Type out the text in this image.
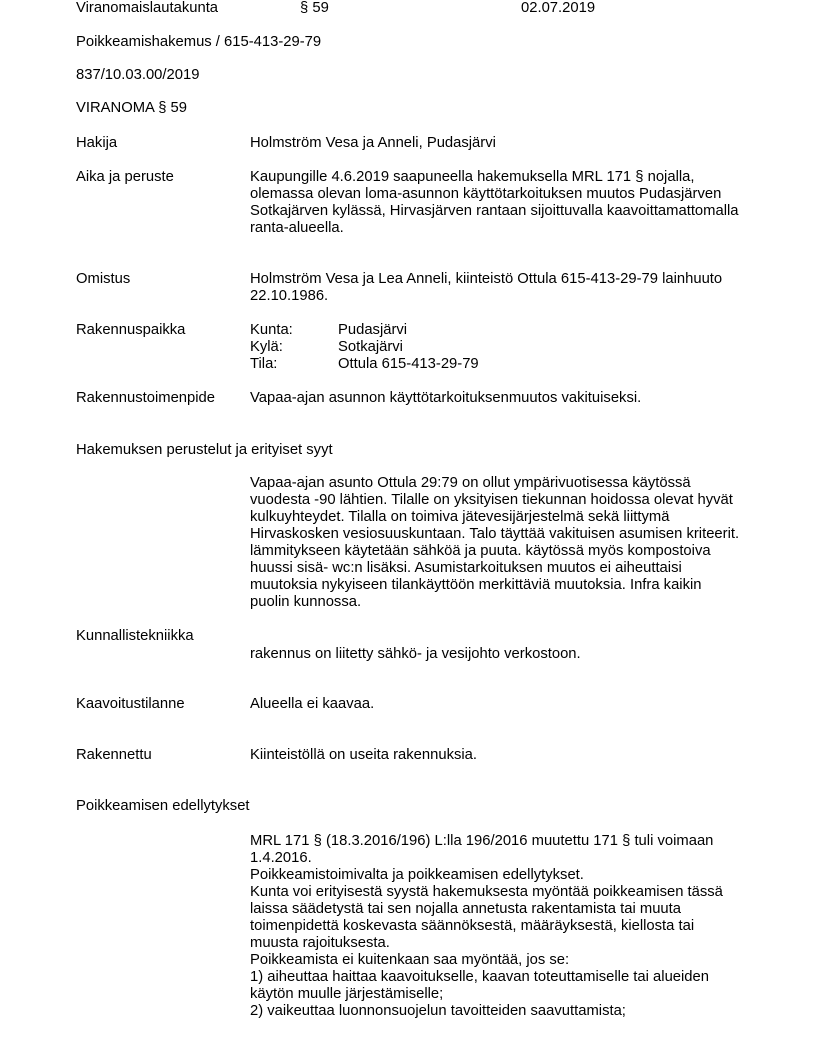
Viranomaislautakunta	§ 59	02.07.2019
Poikkeamishakemus / 615-413-29-79
837/10.03.00/2019
VIRANOMA § 59
Hakija	Holmström Vesa ja Anneli, Pudasjärvi
Aika ja peruste	Kaupungille 4.6.2019 saapuneella hakemuksella MRL 171 § nojalla,
olemassa olevan loma-asunnon käyttötarkoituksen muutos Pudasjärven
Sotkajärven kylässä, Hirvasjärven rantaan sijoittuvalla kaavoittamattomalla
ranta-alueella.
Omistus	Holmström Vesa ja Lea Anneli, kiinteistö Ottula 615-413-29-79 lainhuuto
22.10.1986.
Rakennuspaikka	Kunta:	Pudasjärvi
Kylä:	Sotkajärvi
Tila:	Ottula 615-413-29-79
Rakennustoimenpide Vapaa-ajan asunnon käyttötarkoituksenmuutos vakituiseksi.
Hakemuksen perustelut ja erityiset syyt
Vapaa-ajan asunto Ottula 29:79 on ollut ympärivuotisessa käytössä
vuodesta -90 lähtien. Tilalle on yksityisen tiekunnan hoidossa olevat hyvät
kulkuyhteydet. Tilalla on toimiva jätevesijärjestelmä sekä liittymä
Hirvaskosken vesiosuuskuntaan. Talo täyttää vakituisen asumisen kriteerit.
lämmitykseen käytetään sähköä ja puuta. käytössä myös kompostoiva
huussi sisä- wc:n lisäksi. Asumistarkoituksen muutos ei aiheuttaisi
muutoksia nykyiseen tilankäyttöön merkittäviä muutoksia. Infra kaikin
puolin kunnossa.
Kunnallistekniikka
rakennus on liitetty sähkö- ja vesijohto verkostoon.
Kaavoitustilanne	Alueella ei kaavaa.
Rakennettu	Kiinteistöllä on useita rakennuksia.
Poikkeamisen edellytykset
MRL 171 § (18.3.2016/196) L:lla 196/2016 muutettu 171 § tuli voimaan
1.4.2016.
Poikkeamistoimivalta ja poikkeamisen edellytykset.
Kunta voi erityisestä syystä hakemuksesta myöntää poikkeamisen tässä
laissa säädetystä tai sen nojalla annetusta rakentamista tai muuta
toimenpidettä koskevasta säännöksestä, määräyksestä, kiellosta tai
muusta rajoituksesta.
Poikkeamista ei kuitenkaan saa myöntää, jos se:
1) aiheuttaa haittaa kaavoitukselle, kaavan toteuttamiselle tai alueiden
käytön muulle järjestämiselle;
2) vaikeuttaa luonnonsuojelun tavoitteiden saavuttamista;
